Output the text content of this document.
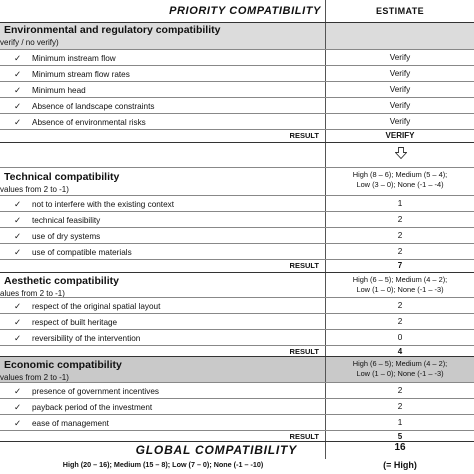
PRIORITY COMPATIBILITY	ESTIMATE
Environmental and regulatory compatibility
verify / no verify)
✓ Minimum instream flow	Verify
✓ Minimum stream flow rates	Verify
✓ Minimum head	Verify
✓ Absence of landscape constraints	Verify
✓ Absence of environmental risks	Verify
RESULT	VERIFY
Technical compatibility
values from 2 to -1)
High (8 – 6); Medium (5 – 4);
Low (3 – 0); None (-1 – -4)
✓ not to interfere with the existing context	1
✓ technical feasibility	2
✓ use of dry systems	2
✓ use of compatible materials	2
RESULT	7
Aesthetic compatibility
alues from 2 to -1)
High (6 – 5); Medium (4 – 2);
Low (1 – 0); None (-1 – -3)
✓ respect of the original spatial layout	2
✓ respect of built heritage	2
✓ reversibility of the intervention	0
RESULT	4
Economic compatibility
values from 2 to -1)
High (6 – 5); Medium (4 – 2);
Low (1 – 0); None (-1 – -3)
✓ presence of government incentives	2
✓ payback period of the investment	2
✓ ease of management	1
RESULT	5
GLOBAL COMPATIBILITY	16
High (20 – 16); Medium (15 – 8); Low (7 – 0); None (-1 – -10)	(= High)
